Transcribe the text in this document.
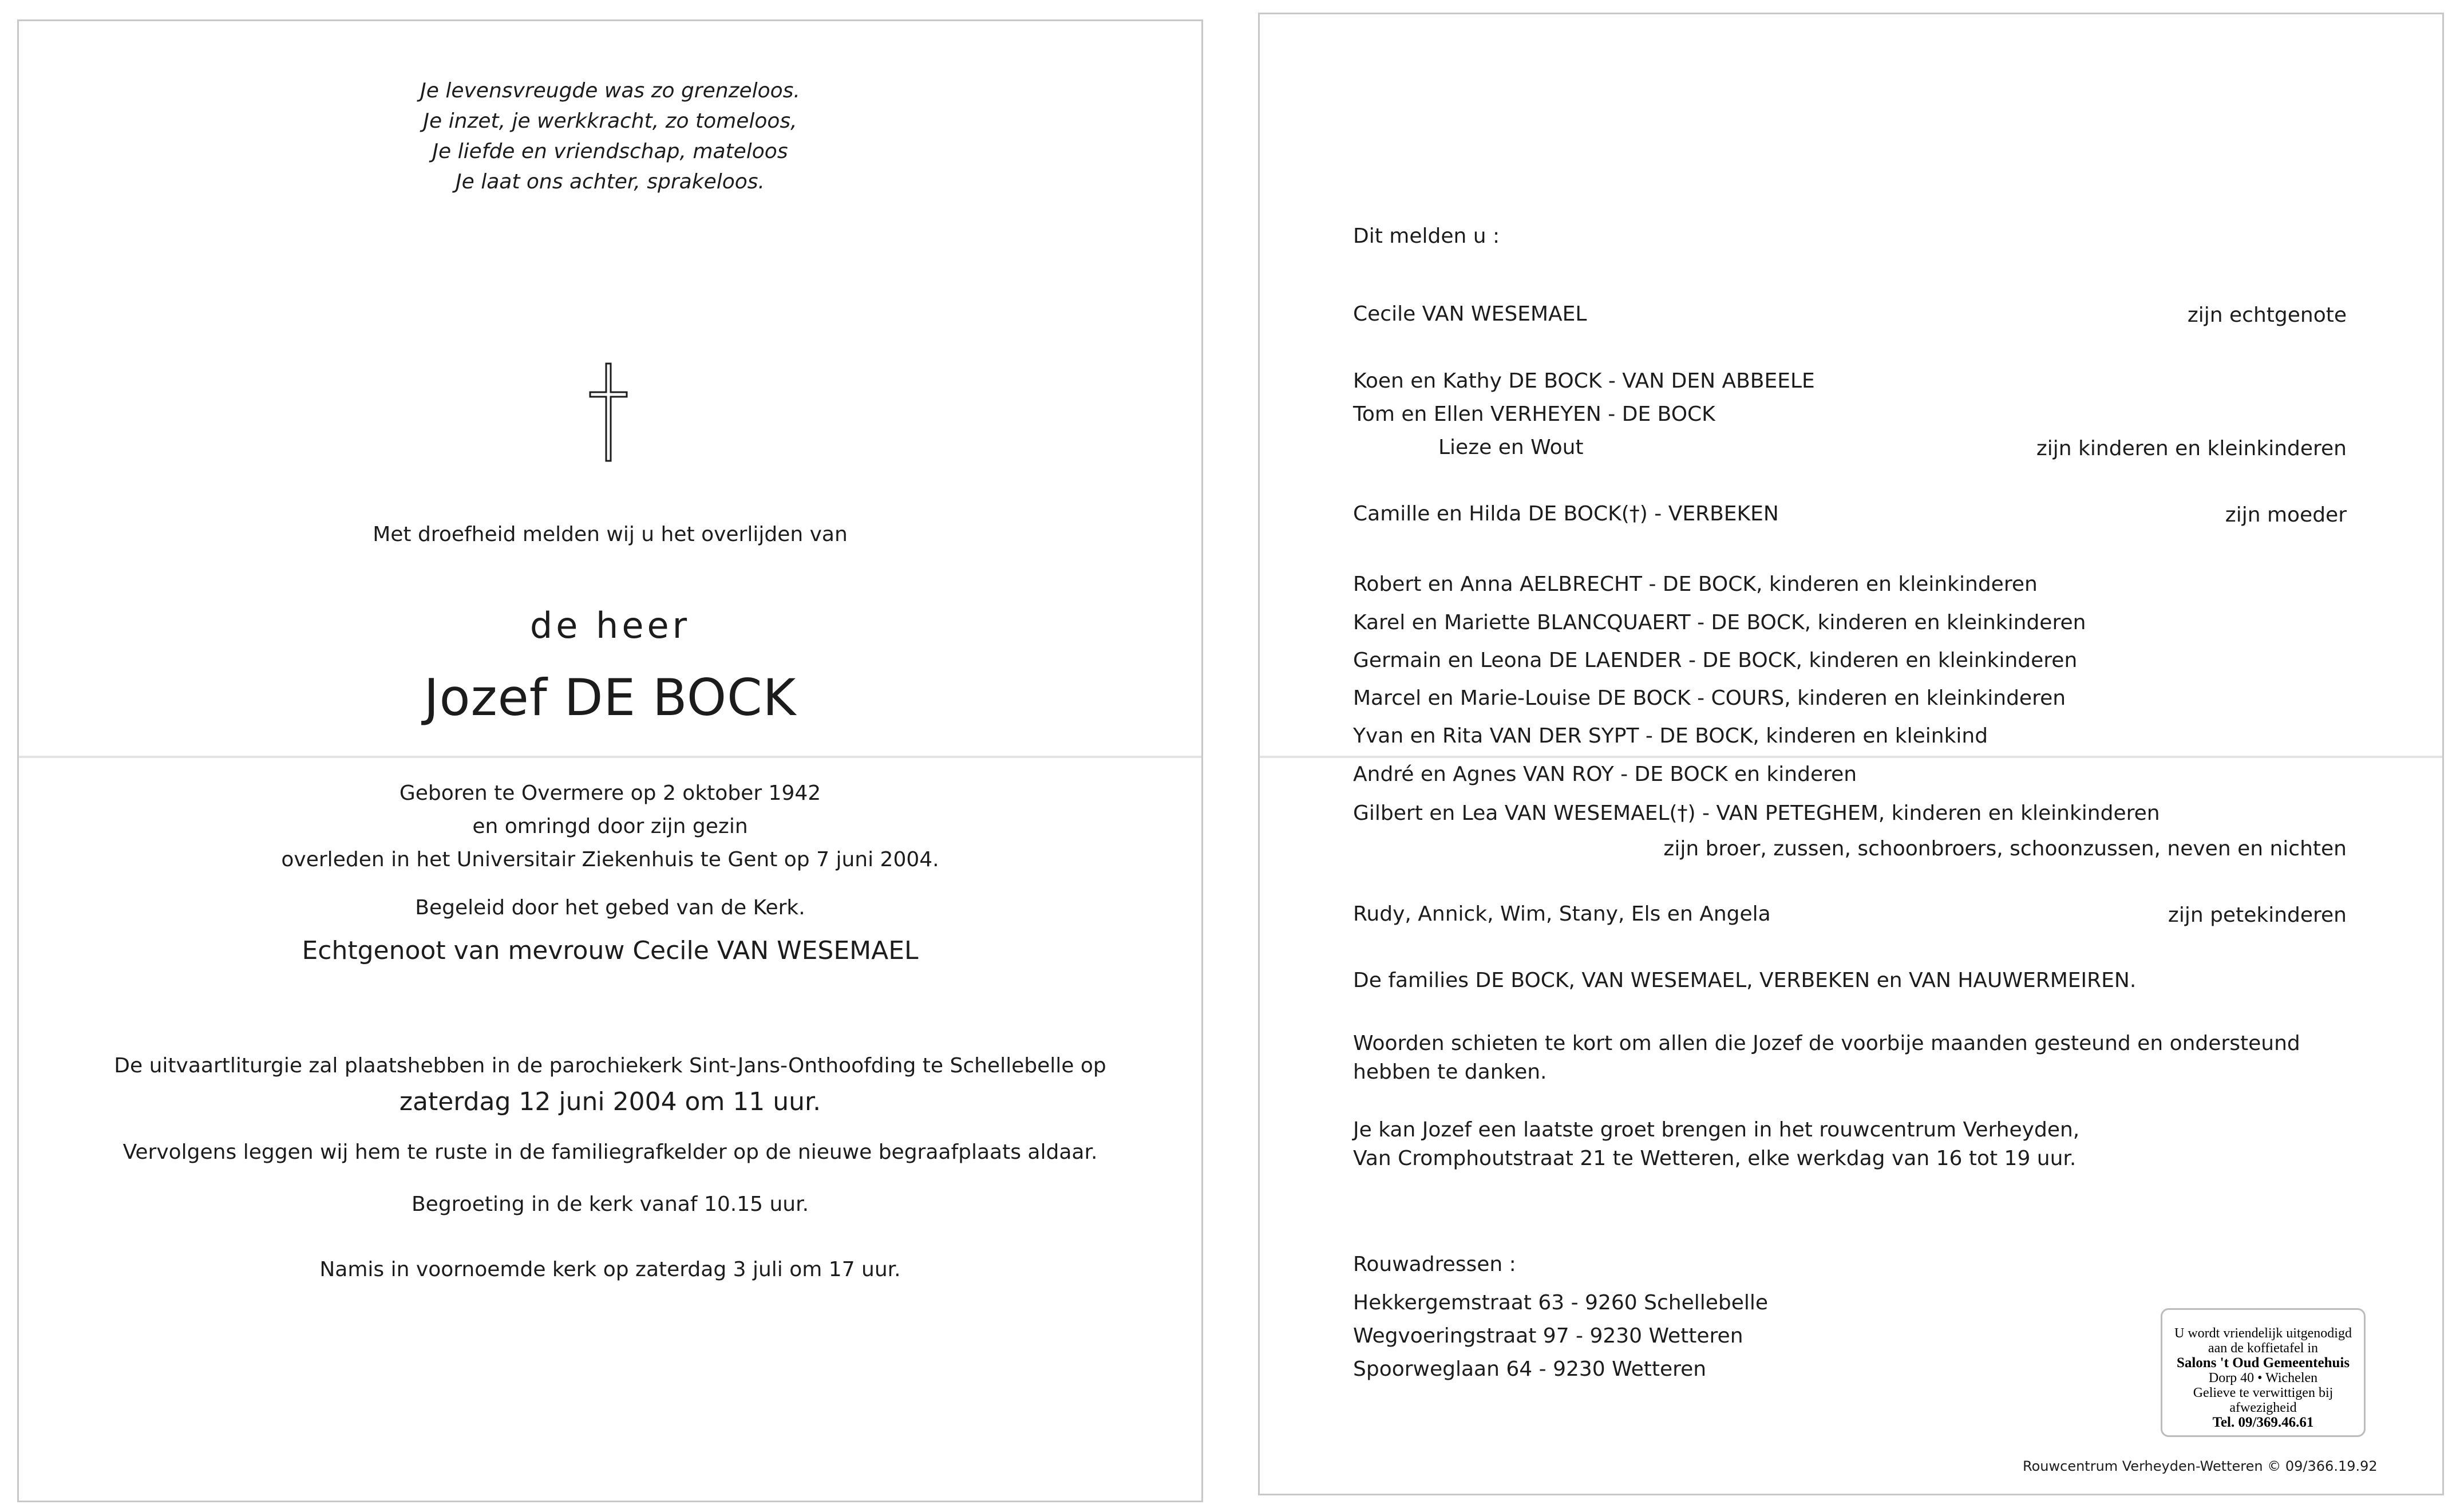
Je levensvreugde was zo grenzeloos.
Je inzet, je werkkracht, zo tomeloos,
Je liefde en vriendschap, mateloos
Je laat ons achter, sprakeloos.
Met droefheid melden wij u het overlijden van
de heer
Jozef DE BOCK
Geboren te Overmere op 2 oktober 1942
en omringd door zijn gezin
overleden in het Universitair Ziekenhuis te Gent op 7 juni 2004.
Begeleid door het gebed van de Kerk.
Echtgenoot van mevrouw Cecile VAN WESEMAEL
De uitvaartliturgie zal plaatshebben in de parochiekerk Sint-Jans-Onthoofding te Schellebelle op
zaterdag 12 juni 2004 om 11 uur.
Vervolgens leggen wij hem te ruste in de familiegrafkelder op de nieuwe begraafplaats aldaar.
Begroeting in de kerk vanaf 10.15 uur.
Namis in voornoemde kerk op zaterdag 3 juli om 17 uur.
Dit melden u :
Cecile VAN WESEMAEL	zijn echtgenote
Koen en Kathy DE BOCK - VAN DEN ABBEELE
Tom en Ellen VERHEYEN - DE BOCK
Lieze en Wout	zijn kinderen en kleinkinderen
Camille en Hilda DE BOCK(†) - VERBEKEN	zijn moeder
Robert en Anna AELBRECHT - DE BOCK, kinderen en kleinkinderen
Karel en Mariette BLANCQUAERT - DE BOCK, kinderen en kleinkinderen
Germain en Leona DE LAENDER - DE BOCK, kinderen en kleinkinderen
Marcel en Marie-Louise DE BOCK - COURS, kinderen en kleinkinderen
Yvan en Rita VAN DER SYPT - DE BOCK, kinderen en kleinkind
André en Agnes VAN ROY - DE BOCK en kinderen
Gilbert en Lea VAN WESEMAEL(†) - VAN PETEGHEM, kinderen en kleinkinderen
zijn broer, zussen, schoonbroers, schoonzussen, neven en nichten
Rudy, Annick, Wim, Stany, Els en Angela	zijn petekinderen
De families DE BOCK, VAN WESEMAEL, VERBEKEN en VAN HAUWERMEIREN.
Woorden schieten te kort om allen die Jozef de voorbije maanden gesteund en ondersteund
hebben te danken.
Je kan Jozef een laatste groet brengen in het rouwcentrum Verheyden,
Van Cromphoutstraat 21 te Wetteren, elke werkdag van 16 tot 19 uur.
Rouwadressen :
Hekkergemstraat 63 - 9260 Schellebelle
Wegvoeringstraat 97 - 9230 Wetteren
Spoorweglaan 64 - 9230 Wetteren
U wordt vriendelijk uitgenodigd
aan de koffietafel in
Salons 't Oud Gemeentehuis
Dorp 40 • Wichelen
Gelieve te verwittigen bij afwezigheid
Tel. 09/369.46.61
Rouwcentrum Verheyden-Wetteren © 09/366.19.92
